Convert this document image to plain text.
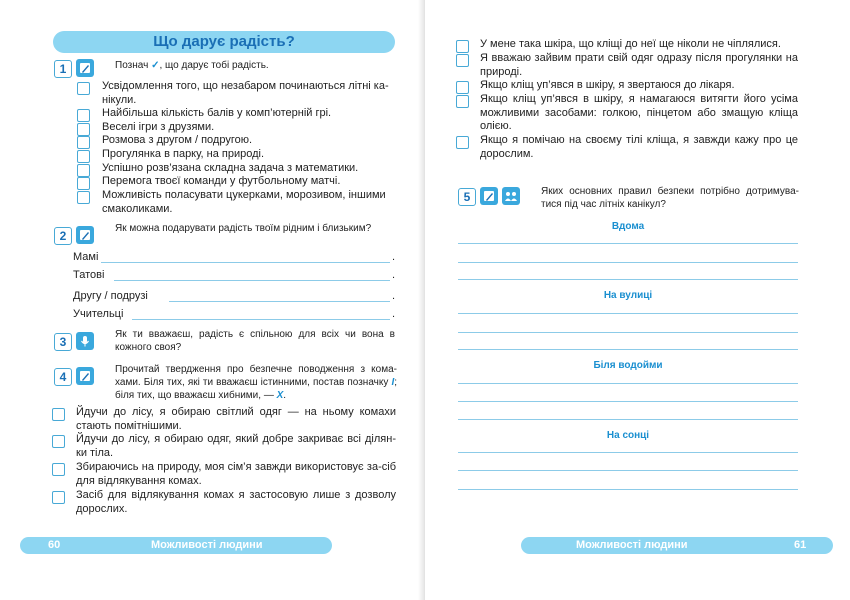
Що дарує радість?
1	Познач ✓, що дарує тобі радість.
Усвідомлення того, що незабаром починаються літні ка-нікули.
Найбільша кількість балів у комп’ютерній грі.
Веселі ігри з друзями.
Розмова з другом / подругою.
Прогулянка в парку, на природі.
Успішно розв’язана складна задача з математики.
Перемога твоєї команди у футбольному матчі.
Можливість поласувати цукерками, морозивом, іншими смаколиками.
2
Як можна подарувати радість твоїм рідним і близьким?
Мамі	.
Татові	.
Другу / подрузі	.
Учительці	.
3
Як ти вважаєш, радість є спільною для всіх чи вона в кожного своя?
4
Прочитай твердження про безпечне поводження з кома-хами. Біля тих, які ти вважаєш істинними, постав позначку I; біля тих, що вважаєш хибними, — X.
Йдучи до лісу, я обираю світлий одяг — на ньому комахи стають помітнішими.
Йдучи до лісу, я обираю одяг, який добре закриває всі ділян-ки тіла.
Збираючись на природу, моя сім’я завжди використовує за-сіб для відлякування комах.
Засіб для відлякування комах я застосовую лише з дозволу дорослих.
60	Можливості людини
У мене така шкіра, що кліщі до неї ще ніколи не чіплялися.
Я вважаю зайвим прати свій одяг одразу після прогулянки на природі.
Якщо кліщ уп’явся в шкіру, я звертаюся до лікаря.
Якщо кліщ уп’явся в шкіру, я намагаюся витягти його усіма можливими засобами: голкою, пінцетом або змащую кліща олією.
Якщо я помічаю на своєму тілі кліща, я завжди кажу про це дорослим.
5	Яких основних правил безпеки потрібно дотримува-тися під час літніх канікул?
Вдома
На вулиці
Біля водойми
На сонці
Можливості людини	61
